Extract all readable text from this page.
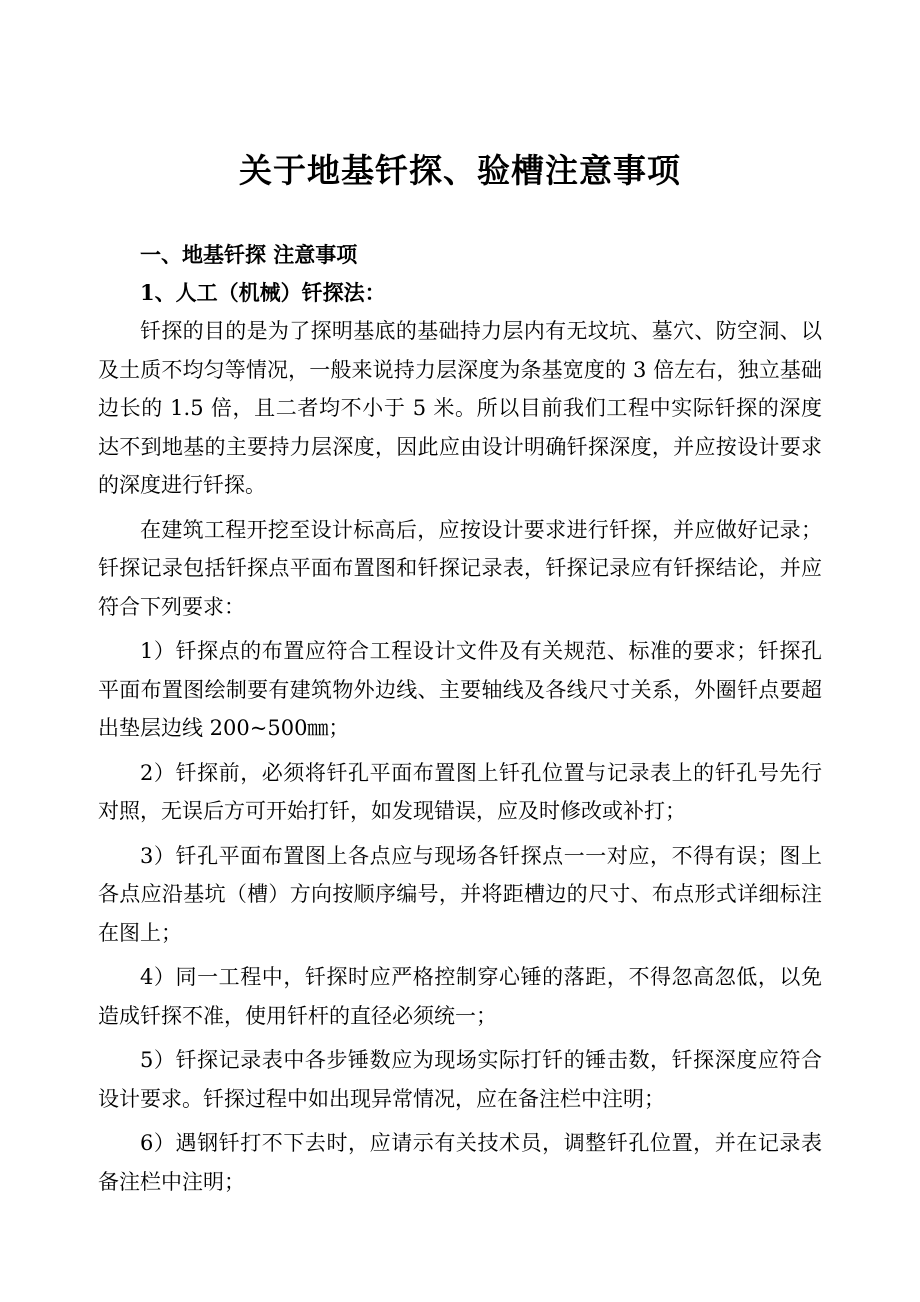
关于地基钎探、验槽注意事项

一、地基钎探 注意事项

1、人工（机械）钎探法：

钎探的目的是为了探明基底的基础持力层内有无坟坑、墓穴、防空洞、以及土质不均匀等情况，一般来说持力层深度为条基宽度的 3 倍左右，独立基础边长的 1.5 倍，且二者均不小于 5 米。所以目前我们工程中实际钎探的深度达不到地基的主要持力层深度，因此应由设计明确钎探深度，并应按设计要求的深度进行钎探。

在建筑工程开挖至设计标高后，应按设计要求进行钎探，并应做好记录；钎探记录包括钎探点平面布置图和钎探记录表，钎探记录应有钎探结论，并应符合下列要求：

1）钎探点的布置应符合工程设计文件及有关规范、标准的要求；钎探孔平面布置图绘制要有建筑物外边线、主要轴线及各线尺寸关系，外圈钎点要超出垫层边线 200~500㎜；

2）钎探前，必须将钎孔平面布置图上钎孔位置与记录表上的钎孔号先行对照，无误后方可开始打钎，如发现错误，应及时修改或补打；

3）钎孔平面布置图上各点应与现场各钎探点一一对应，不得有误；图上各点应沿基坑（槽）方向按顺序编号，并将距槽边的尺寸、布点形式详细标注在图上；

4）同一工程中，钎探时应严格控制穿心锤的落距，不得忽高忽低，以免造成钎探不准，使用钎杆的直径必须统一；

5）钎探记录表中各步锤数应为现场实际打钎的锤击数，钎探深度应符合设计要求。钎探过程中如出现异常情况，应在备注栏中注明；

6）遇钢钎打不下去时，应请示有关技术员，调整钎孔位置，并在记录表备注栏中注明；
